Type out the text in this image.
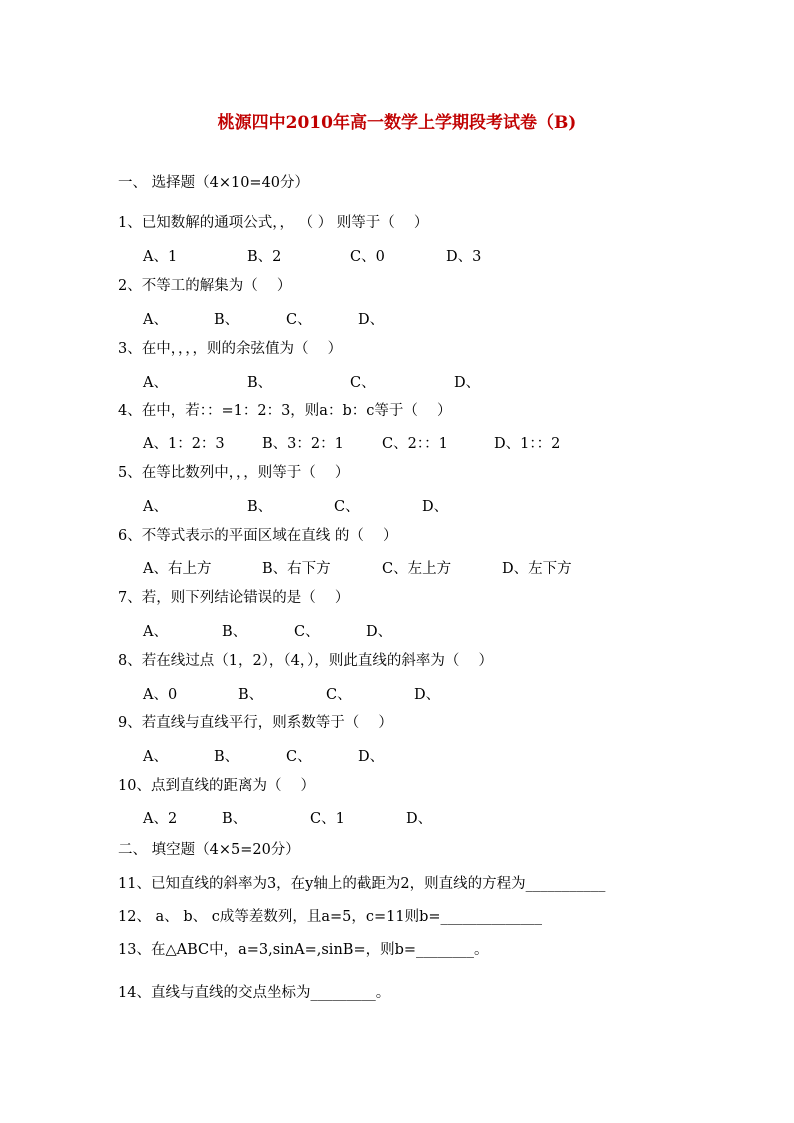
桃源四中2010年高一数学上学期段考试卷（B)
一、 选择题（4×10=40分）
1、已知数解的通项公式，， （ ） 则等于（　 ）
A、1	B、2	C、0	D、3
2、不等工的解集为（　 ）
A、	B、	C、	D、
3、在中，，，，则的余弦值为（　 ）
A、	B、	C、	D、
4、在中，若：：=1：2：3，则a：b：c等于（　 ）
A、1：2：3	B、3：2：1	C、2：：1	D、1：：2
5、在等比数列中，，，则等于（　 ）
A、	B、	C、	D、
6、不等式表示的平面区域在直线 的（　 ）
A、右上方	B、右下方	C、左上方	D、左下方
7、若，则下列结论错误的是（　 ）
A、	B、	C、	D、
8、若在线过点（1，2），（4，），则此直线的斜率为（　 ）
A、0	B、	C、	D、
9、若直线与直线平行，则系数等于（　 ）
A、	B、	C、	D、
10、点到直线的距离为（　 ）
A、2	B、	C、1	D、
二、 填空题（4×5=20分）
11、已知直线的斜率为3，在y轴上的截距为2，则直线的方程为___________
12、 a、 b、 c成等差数列，且a=5，c=11则b=______________
13、在△ABC中，a=3,sinA=,sinB=，则b=________。
14、直线与直线的交点坐标为_________。
